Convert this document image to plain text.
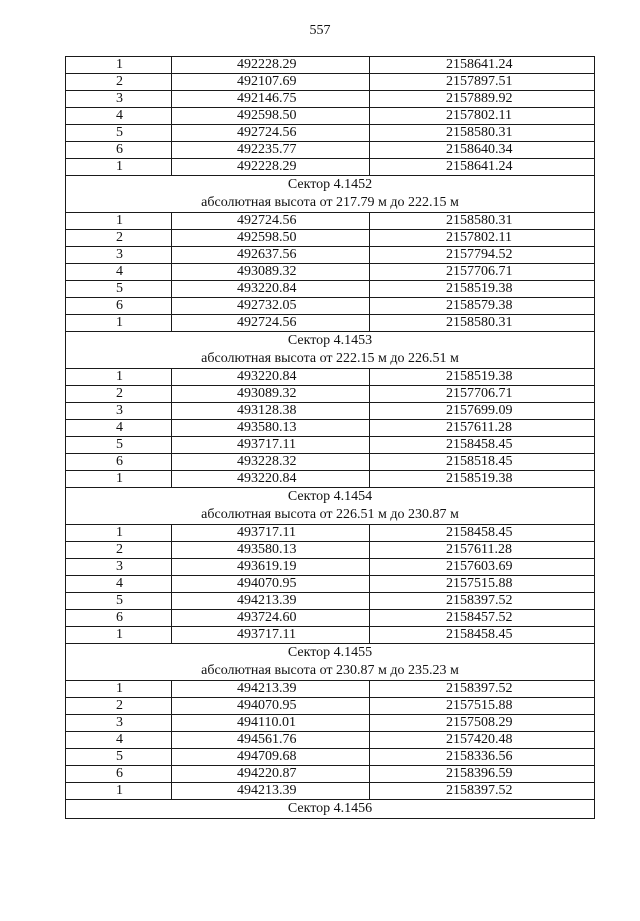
557
1	492228.29	2158641.24
2	492107.69	2157897.51
3	492146.75	2157889.92
4	492598.50	2157802.11
5	492724.56	2158580.31
6	492235.77	2158640.34
1	492228.29	2158641.24
Сектор 4.1452		
абсолютная высота от 217.79 м до 222.15 м		
1	492724.56	2158580.31
2	492598.50	2157802.11
3	492637.56	2157794.52
4	493089.32	2157706.71
5	493220.84	2158519.38
6	492732.05	2158579.38
1	492724.56	2158580.31
Сектор 4.1453		
абсолютная высота от 222.15 м до 226.51 м		
1	493220.84	2158519.38
2	493089.32	2157706.71
3	493128.38	2157699.09
4	493580.13	2157611.28
5	493717.11	2158458.45
6	493228.32	2158518.45
1	493220.84	2158519.38
Сектор 4.1454		
абсолютная высота от 226.51 м до 230.87 м		
1	493717.11	2158458.45
2	493580.13	2157611.28
3	493619.19	2157603.69
4	494070.95	2157515.88
5	494213.39	2158397.52
6	493724.60	2158457.52
1	493717.11	2158458.45
Сектор 4.1455		
абсолютная высота от 230.87 м до 235.23 м		
1	494213.39	2158397.52
2	494070.95	2157515.88
3	494110.01	2157508.29
4	494561.76	2157420.48
5	494709.68	2158336.56
6	494220.87	2158396.59
1	494213.39	2158397.52
Сектор 4.1456		
